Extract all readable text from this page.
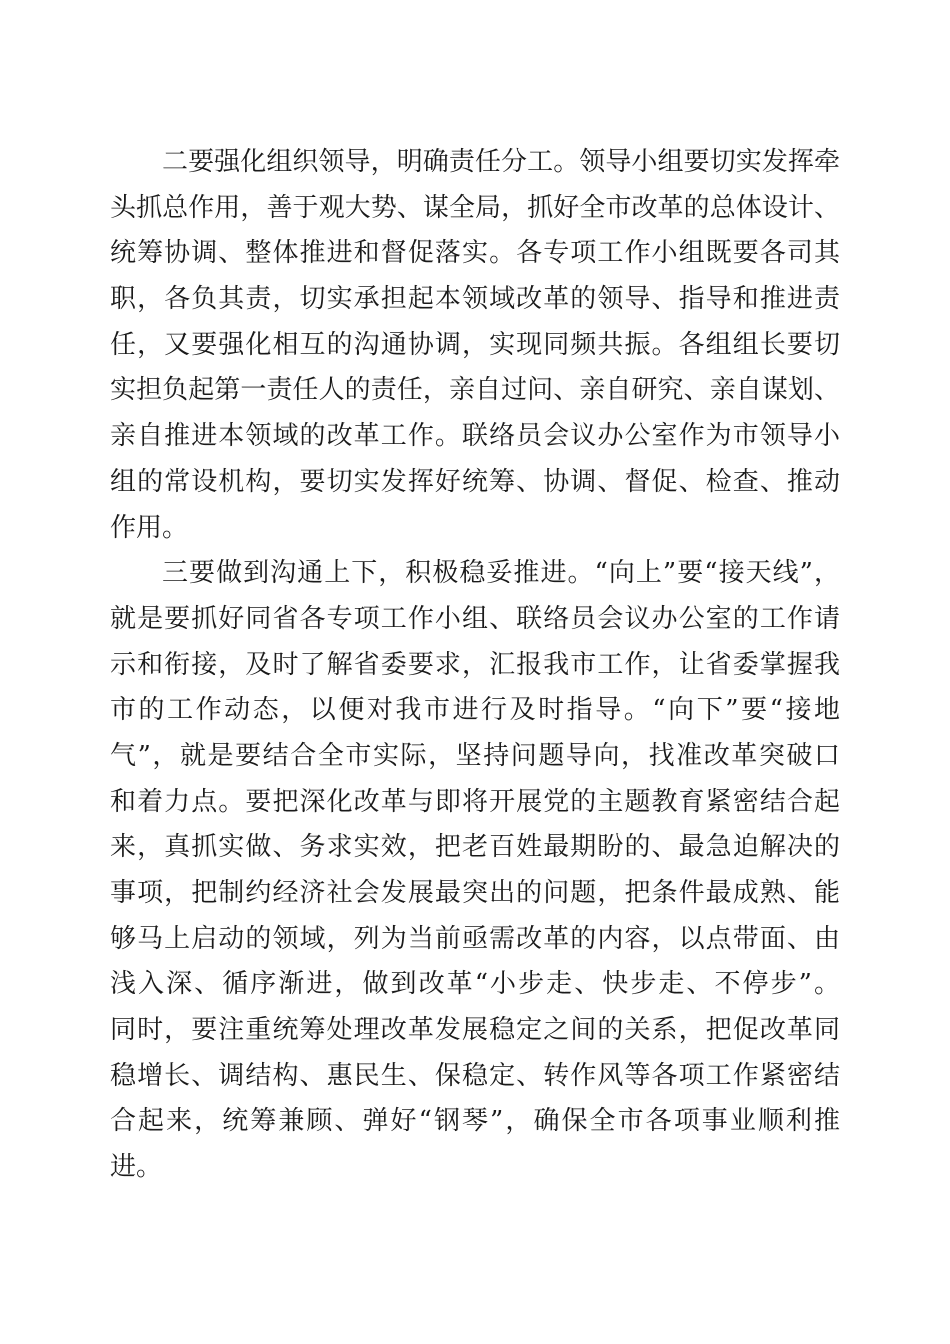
二要强化组织领导，明确责任分工。领导小组要切实发挥牵
头抓总作用，善于观大势、谋全局，抓好全市改革的总体设计、
统筹协调、整体推进和督促落实。各专项工作小组既要各司其
职，各负其责，切实承担起本领域改革的领导、指导和推进责
任，又要强化相互的沟通协调，实现同频共振。各组组长要切
实担负起第一责任人的责任，亲自过问、亲自研究、亲自谋划、
亲自推进本领域的改革工作。联络员会议办公室作为市领导小
组的常设机构，要切实发挥好统筹、协调、督促、检查、推动
作用。
三要做到沟通上下，积极稳妥推进。“向上”要“接天线”，
就是要抓好同省各专项工作小组、联络员会议办公室的工作请
示和衔接，及时了解省委要求，汇报我市工作，让省委掌握我
市的工作动态，以便对我市进行及时指导。“向下”要“接地
气”，就是要结合全市实际，坚持问题导向，找准改革突破口
和着力点。要把深化改革与即将开展党的主题教育紧密结合起
来，真抓实做、务求实效，把老百姓最期盼的、最急迫解决的
事项，把制约经济社会发展最突出的问题，把条件最成熟、能
够马上启动的领域，列为当前亟需改革的内容，以点带面、由
浅入深、循序渐进，做到改革“小步走、快步走、不停步”。
同时，要注重统筹处理改革发展稳定之间的关系，把促改革同
稳增长、调结构、惠民生、保稳定、转作风等各项工作紧密结
合起来，统筹兼顾、弹好“钢琴”，确保全市各项事业顺利推
进。
